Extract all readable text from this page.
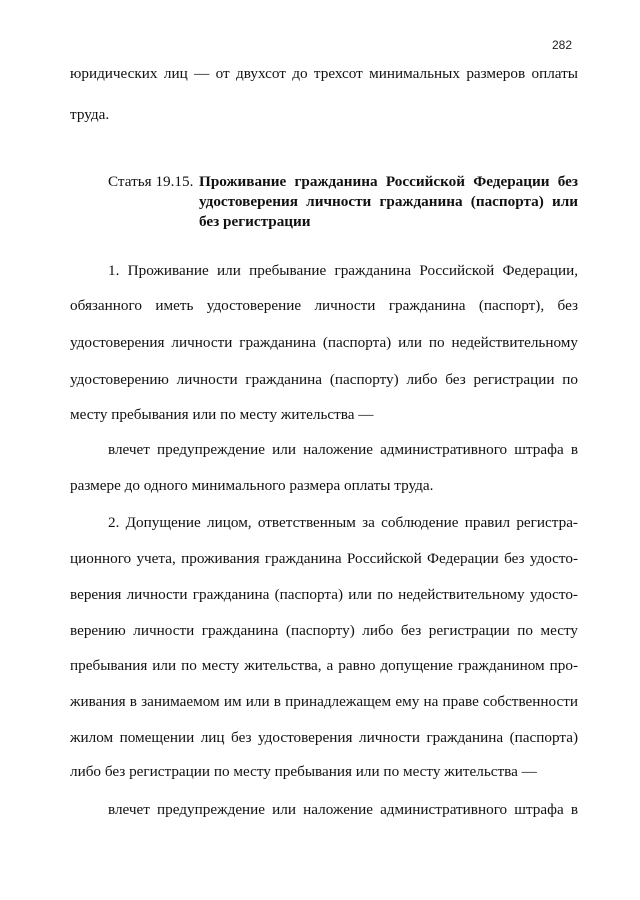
282
юридических лиц — от двухсот до трехсот минимальных размеров оплаты
труда.
Статья 19.15. Проживание гражданина Российской Федерации без
удостоверения личности гражданина (паспорта) или
без регистрации
1. Проживание или пребывание гражданина Российской Федерации,
обязанного иметь удостоверение личности гражданина (паспорт), без
удостоверения личности гражданина (паспорта) или по недействительному
удостоверению личности гражданина (паспорту) либо без регистрации по
месту пребывания или по месту жительства —
влечет предупреждение или наложение административного штрафа в
размере до одного минимального размера оплаты труда.
2. Допущение лицом, ответственным за соблюдение правил регистра-
ционного учета, проживания гражданина Российской Федерации без удосто-
верения личности гражданина (паспорта) или по недействительному удосто-
верению личности гражданина (паспорту) либо без регистрации по месту
пребывания или по месту жительства, а равно допущение гражданином про-
живания в занимаемом им или в принадлежащем ему на праве собственности
жилом помещении лиц без удостоверения личности гражданина (паспорта)
либо без регистрации по месту пребывания или по месту жительства —
влечет предупреждение или наложение административного штрафа в
